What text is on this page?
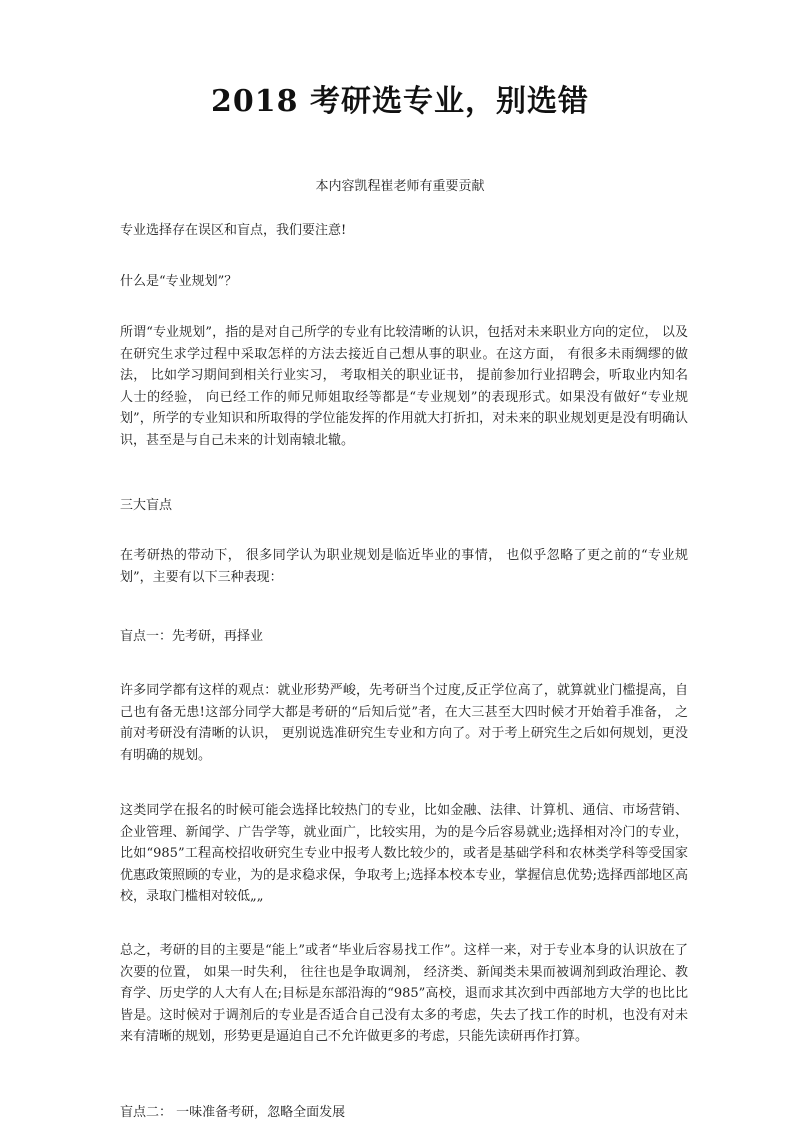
2018 考研选专业，别选错
本内容凯程崔老师有重要贡献
专业选择存在误区和盲点，我们要注意!
什么是“专业规划”？
所谓“专业规划”，指的是对自己所学的专业有比较清晰的认识，包括对未来职业方向的定位， 以及在研究生求学过程中采取怎样的方法去接近自己想从事的职业。在这方面， 有很多未雨绸缪的做法， 比如学习期间到相关行业实习， 考取相关的职业证书， 提前参加行业招聘会，听取业内知名人士的经验， 向已经工作的师兄师姐取经等都是“专业规划”的表现形式。如果没有做好“专业规划”，所学的专业知识和所取得的学位能发挥的作用就大打折扣，对未来的职业规划更是没有明确认识，甚至是与自己未来的计划南辕北辙。
三大盲点
在考研热的带动下， 很多同学认为职业规划是临近毕业的事情， 也似乎忽略了更之前的“专业规划”，主要有以下三种表现：
盲点一：先考研，再择业
许多同学都有这样的观点：就业形势严峻，先考研当个过度,反正学位高了，就算就业门槛提高，自己也有备无患!这部分同学大都是考研的“后知后觉”者，在大三甚至大四时候才开始着手准备， 之前对考研没有清晰的认识， 更别说选准研究生专业和方向了。对于考上研究生之后如何规划，更没有明确的规划。
这类同学在报名的时候可能会选择比较热门的专业，比如金融、法律、计算机、通信、市场营销、企业管理、新闻学、广告学等，就业面广，比较实用，为的是今后容易就业;选择相对冷门的专业，比如“985”工程高校招收研究生专业中报考人数比较少的，或者是基础学科和农林类学科等受国家优惠政策照顾的专业，为的是求稳求保，争取考上;选择本校本专业，掌握信息优势;选择西部地区高校，录取门槛相对较低„„
总之，考研的目的主要是“能上”或者“毕业后容易找工作”。这样一来，对于专业本身的认识放在了次要的位置， 如果一时失利， 往往也是争取调剂， 经济类、新闻类未果而被调剂到政治理论、教育学、历史学的人大有人在;目标是东部沿海的“985”高校，退而求其次到中西部地方大学的也比比皆是。这时候对于调剂后的专业是否适合自己没有太多的考虑，失去了找工作的时机，也没有对未来有清晰的规划，形势更是逼迫自己不允许做更多的考虑，只能先读研再作打算。
盲点二： 一味准备考研，忽略全面发展
